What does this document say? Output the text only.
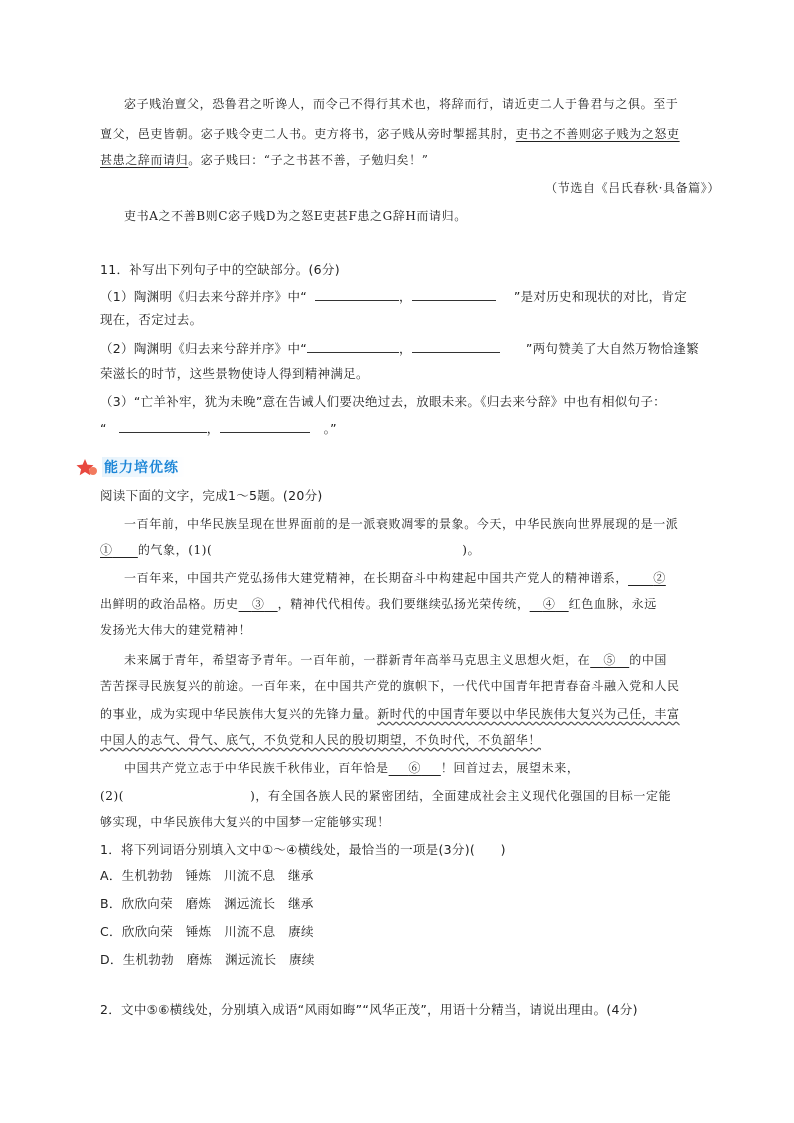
宓子贱治亶父，恐鲁君之听谗人，而令己不得行其术也，将辞而行，请近吏二人于鲁君与之俱。至于
亶父，邑吏皆朝。宓子贱令吏二人书。吏方将书，宓子贱从旁时掣摇其肘，吏书之不善则宓子贱为之怒吏
甚患之辞而请归。宓子贱曰：“子之书甚不善，子勉归矣！”
（节选自《吕氏春秋·具备篇》）
吏书A之不善B则C宓子贱D为之怒E吏甚F患之G辞H而请归。
11．补写出下列句子中的空缺部分。(6分)
（1）陶渊明《归去来兮辞并序》中“	，	”是对历史和现状的对比，肯定
现在，否定过去。
（2）陶渊明《归去来兮辞并序》中“	，	”两句赞美了大自然万物恰逢繁
荣滋长的时节，这些景物使诗人得到精神满足。
（3）“亡羊补牢，犹为未晚”意在告诫人们要决绝过去，放眼未来。《归去来兮辞》中也有相似句子：
“	，	。”
能力培优练
阅读下面的文字，完成1～5题。(20分)
一百年前，中华民族呈现在世界面前的是一派衰败凋零的景象。今天，中华民族向世界展现的是一派
①   的气象，(1)(	)。
一百年来，中国共产党弘扬伟大建党精神，在长期奋斗中构建起中国共产党人的精神谱系，   ②
出鲜明的政治品格。历史   ③   ，精神代代相传。我们要继续弘扬光荣传统，   ④   红色血脉，永远
发扬光大伟大的建党精神！
未来属于青年，希望寄予青年。一百年前，一群新青年高举马克思主义思想火炬，在   ⑤   的中国
苦苦探寻民族复兴的前途。一百年来，在中国共产党的旗帜下，一代代中国青年把青春奋斗融入党和人民
的事业，成为实现中华民族伟大复兴的先锋力量。新时代的中国青年要以中华民族伟大复兴为己任，丰富
中国人的志气、骨气、底气，不负党和人民的殷切期望，不负时代，不负韶华！
中国共产党立志于中华民族千秋伟业，百年恰是    ⑥    ！回首过去，展望未来，
(2)(	)，有全国各族人民的紧密团结，全面建成社会主义现代化强国的目标一定能
够实现，中华民族伟大复兴的中国梦一定能够实现！
1．将下列词语分别填入文中①～④横线处，最恰当的一项是(3分)(　　)
A．生机勃勃　锤炼　川流不息　继承
B．欣欣向荣　磨炼　渊远流长　继承
C．欣欣向荣　锤炼　川流不息　赓续
D．生机勃勃　磨炼　渊远流长　赓续
2．文中⑤⑥横线处，分别填入成语“风雨如晦”“风华正茂”，用语十分精当，请说出理由。(4分)
